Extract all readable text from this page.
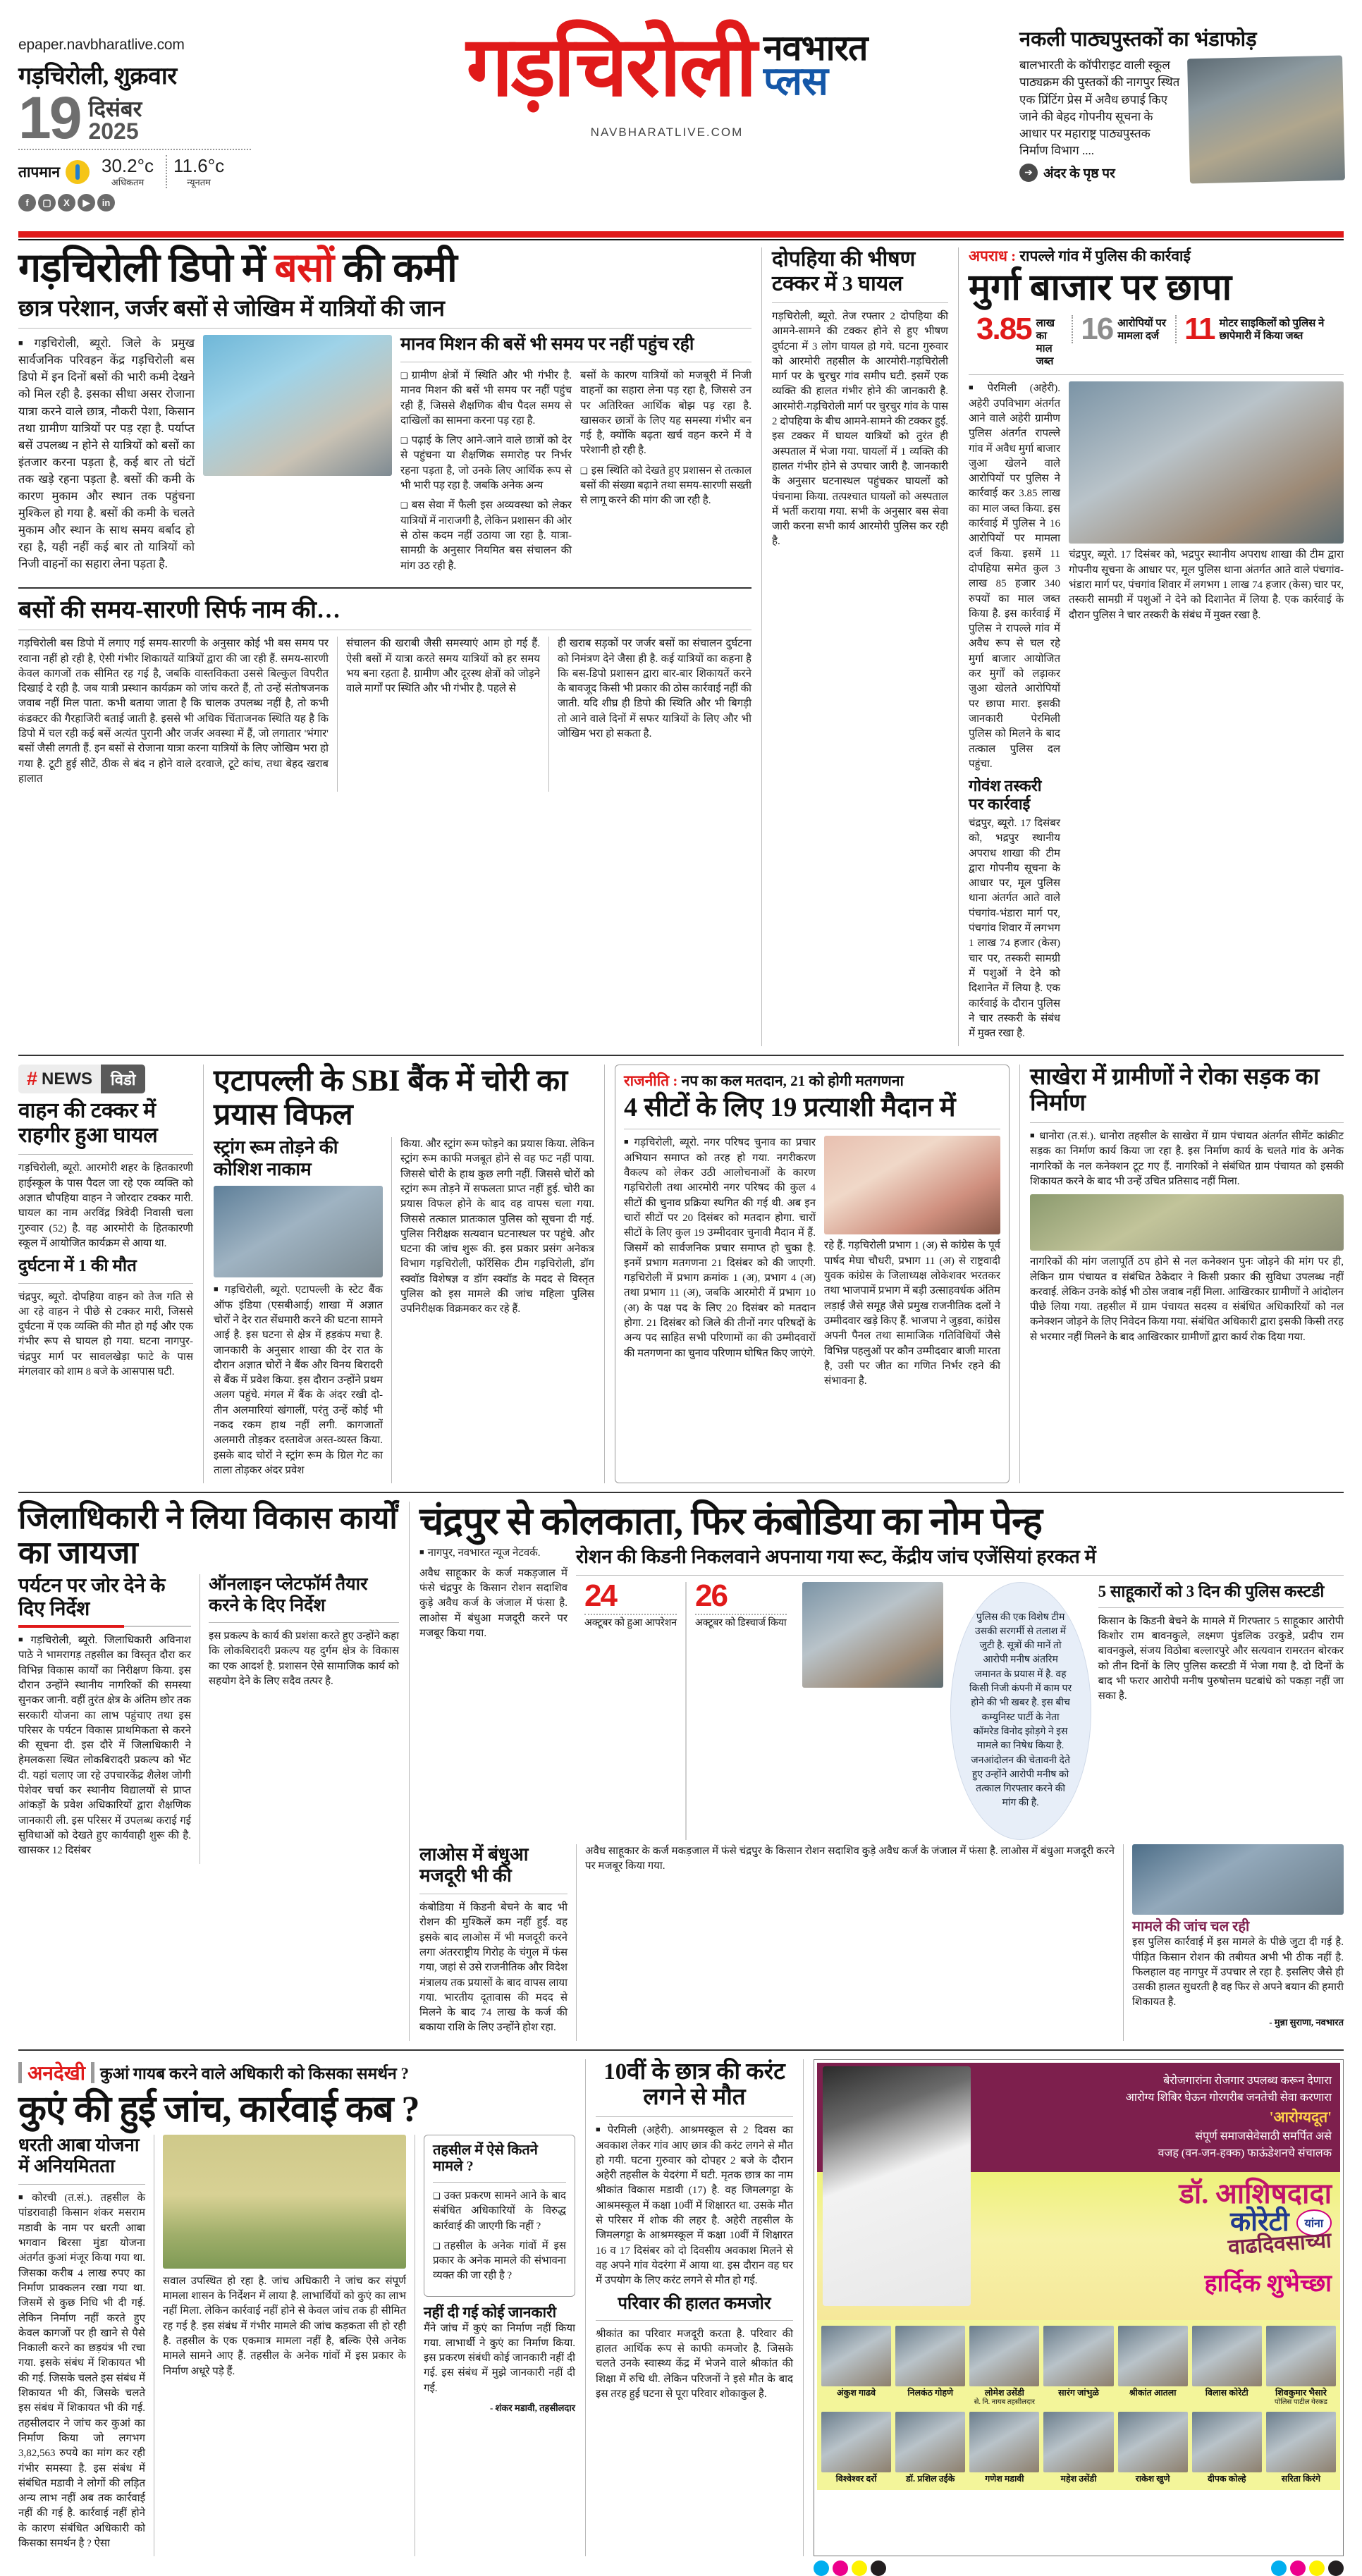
epaper.navbharatlive.com
गड़चिरोली, शुक्रवार
19 दिसंबर
2025
तापमान 30.2°c
अधिकतम
11.6°c
न्यूनतम
f	▢	X	▶	in
गड़चिरोली नवभारत
प्लस
NAVBHARATLIVE.COM
नकली पाठ्यपुस्तकों का भंडाफोड़
बालभारती के कॉपीराइट वाली स्कूल पाठ्यक्रम की पुस्तकों की नागपुर स्थित एक प्रिंटिंग प्रेस में अवैध छपाई किए जाने की बेहद गोपनीय सूचना के आधार पर महाराष्ट्र पाठ्यपुस्तक निर्माण विभाग ....
➔ अंदर के पृष्ठ पर
गड़चिरोली डिपो में बसों की कमी
छात्र परेशान, जर्जर बसों से जोखिम में यात्रियों की जान

■ गड़चिरोली, ब्यूरो. जिले के प्रमुख सार्वजनिक परिवहन केंद्र गड़चिरोली बस डिपो में इन दिनों बसों की भारी कमी देखने को मिल रही है. इसका सीधा असर रोजाना यात्रा करने वाले छात्र, नौकरी पेशा, किसान तथा ग्रामीण यात्रियों पर पड़ रहा है. पर्याप्त बसें उपलब्ध न होने से यात्रियों को बसों का इंतजार करना पड़ता है, कई बार तो घंटों तक खड़े रहना पड़ता है. बसों की कमी के कारण मुकाम और स्थान तक पहुंचना मुश्किल हो गया है. बसों की कमी के चलते मुकाम और स्थान के साथ समय बर्बाद हो रहा है, यही नहीं कई बार तो यात्रियों को निजी वाहनों का सहारा लेना पड़ता है.

मानव मिशन की बसें भी समय पर नहीं पहुंच रही

❑ ग्रामीण क्षेत्रों में स्थिति और भी गंभीर है. मानव मिशन की बसें भी समय पर नहीं पहुंच रही हैं, जिससे शैक्षणिक बीच पैदल समय से दाखिलों का सामना करना पड़ रहा है.

❑ पढ़ाई के लिए आने-जाने वाले छात्रों को देर से पहुंचना या शैक्षणिक समारोह पर निर्भर रहना पड़ता है, जो उनके लिए आर्थिक रूप से भी भारी पड़ रहा है. जबकि अनेक अन्य

❑ बस सेवा में फैली इस अव्यवस्था को लेकर यात्रियों में नाराजगी है, लेकिन प्रशासन की ओर से ठोस कदम नहीं उठाया जा रहा है. यात्रा-सामग्री के अनुसार नियमित बस संचालन की मांग उठ रही है.

बसों के कारण यात्रियों को मजबूरी में निजी वाहनों का सहारा लेना पड़ रहा है, जिससे उन पर अतिरिक्त आर्थिक बोझ पड़ रहा है. खासकर छात्रों के लिए यह समस्या गंभीर बन गई है, क्योंकि बढ़ता खर्च वहन करने में वे परेशानी हो रही है.

❑ इस स्थिति को देखते हुए प्रशासन से तत्काल बसों की संख्या बढ़ाने तथा समय-सारणी सख्ती से लागू करने की मांग की जा रही है.

बसों की समय-सारणी सिर्फ नाम की…

गड़चिरोली बस डिपो में लगाए गई समय-सारणी के अनुसार कोई भी बस समय पर रवाना नहीं हो रही है, ऐसी गंभीर शिकायतें यात्रियों द्वारा की जा रही हैं. समय-सारणी केवल कागजों तक सीमित रह गई है, जबकि वास्तविकता उससे बिल्कुल विपरीत दिखाई दे रही है. जब यात्री प्रस्थान कार्यक्रम को जांच करते हैं, तो उन्हें संतोषजनक जवाब नहीं मिल पाता. कभी बताया जाता है कि चालक उपलब्ध नहीं है, तो कभी कंडक्टर की गैरहाजिरी बताई जाती है. इससे भी अधिक चिंताजनक स्थिति यह है कि डिपो में चल रही कई बसें अत्यंत पुरानी और जर्जर अवस्था में हैं, जो लगातार 'भंगार' बसों जैसी लगती हैं. इन बसों से रोजाना यात्रा करना यात्रियों के लिए जोखिम भरा हो गया है. टूटी हुई सीटें, ठीक से बंद न होने वाले दरवाजे, टूटे कांच, तथा बेहद खराब हालात

संचालन की खराबी जैसी समस्याएं आम हो गई हैं. ऐसी बसों में यात्रा करते समय यात्रियों को हर समय भय बना रहता है. ग्रामीण और दूरस्थ क्षेत्रों को जोड़ने वाले मार्गों पर स्थिति और भी गंभीर है. पहले से

ही खराब सड़कों पर जर्जर बसों का संचालन दुर्घटना को निमंत्रण देने जैसा ही है. कई यात्रियों का कहना है कि बस-डिपो प्रशासन द्वारा बार-बार शिकायतें करने के बावजूद किसी भी प्रकार की ठोस कार्रवाई नहीं की जाती. यदि शीघ्र ही डिपो की स्थिति और भी बिगड़ी तो आने वाले दिनों में सफर यात्रियों के लिए और भी जोखिम भरा हो सकता है.

दोपहिया की भीषण टक्कर में 3 घायल

गड़चिरोली, ब्यूरो. तेज रफ्तार 2 दोपहिया की आमने-सामने की टक्कर होने से हुए भीषण दुर्घटना में 3 लोग घायल हो गये. घटना गुरुवार को आरमोरी तहसील के आरमोरी-गड़चिरोली मार्ग पर के चुरचुर गांव समीप घटी. इसमें एक व्यक्ति की हालत गंभीर होने की जानकारी है. आरमोरी-गड़चिरोली मार्ग पर चुरचुर गांव के पास 2 दोपहिया के बीच आमने-सामने की टक्कर हुई. इस टक्कर में घायल यात्रियों को तुरंत ही अस्पताल में भेजा गया. घायलों में 1 व्यक्ति की हालत गंभीर होने से उपचार जारी है. जानकारी के अनुसार घटनास्थल पहुंचकर घायलों को पंचनामा किया. तत्पश्चात घायलों को अस्पताल में भर्ती कराया गया. सभी के अनुसार बस सेवा जारी करना सभी कार्य आरमोरी पुलिस कर रही है.

अपराध : रापल्ले गांव में पुलिस की कार्रवाई
मुर्गा बाजार पर छापा
3.85 लाख का माल जब्त
16 आरोपियों पर मामला दर्ज 11 मोटर साइकिलों को पुलिस ने छापेमारी में किया जब्त

■ पेरमिली (अहेरी). अहेरी उपविभाग अंतर्गत आने वाले अहेरी ग्रामीण पुलिस अंतर्गत रापल्ले गांव में अवैध मुर्गा बाजार जुआ खेलने वाले आरोपियों पर पुलिस ने कार्रवाई कर 3.85 लाख का माल जब्त किया. इस कार्रवाई में पुलिस ने 16 आरोपियों पर मामला दर्ज किया. इसमें 11 दोपहिया समेत कुल 3 लाख 85 हजार 340 रुपयों का माल जब्त किया है. इस कार्रवाई में पुलिस ने रापल्ले गांव में अवैध रूप से चल रहे मुर्गा बाजार आयोजित कर मुर्गों को लड़ाकर जुआ खेलते आरोपियों पर छापा मारा. इसकी जानकारी पेरमिली पुलिस को मिलने के बाद तत्काल पुलिस दल पहुंचा.

गोवंश तस्करी पर कार्रवाई

चंद्रपुर, ब्यूरो. 17 दिसंबर को, भद्रपुर स्थानीय अपराध शाखा की टीम द्वारा गोपनीय सूचना के आधार पर, मूल पुलिस थाना अंतर्गत आते वाले पंचगांव-भंडारा मार्ग पर, पंचगांव शिवार में लगभग 1 लाख 74 हजार (केस) चार पर, तस्करी सामग्री में पशुओं ने देने को दिशानेत में लिया है. एक कार्रवाई के दौरान पुलिस ने चार तस्करी के संबंध में मुक्त रखा है.

चंद्रपुर, ब्यूरो. 17 दिसंबर को, भद्रपुर स्थानीय अपराध शाखा की टीम द्वारा गोपनीय सूचना के आधार पर, मूल पुलिस थाना अंतर्गत आते वाले पंचगांव-भंडारा मार्ग पर, पंचगांव शिवार में लगभग 1 लाख 74 हजार (केस) चार पर, तस्करी सामग्री में पशुओं ने देने को दिशानेत में लिया है. एक कार्रवाई के दौरान पुलिस ने चार तस्करी के संबंध में मुक्त रखा है.

# NEWS	विडो
वाहन की टक्कर में राहगीर हुआ घायल

गड़चिरोली, ब्यूरो. आरमोरी शहर के हितकारणी हाईस्कूल के पास पैदल जा रहे एक व्यक्ति को अज्ञात चौपहिया वाहन ने जोरदार टक्कर मारी. घायल का नाम अरविंद्र त्रिवेदी निवासी चला गुरुवार (52) है. वह आरमोरी के हितकारणी स्कूल में आयोजित कार्यक्रम से आया था.

दुर्घटना में 1 की मौत

चंद्रपुर, ब्यूरो. दोपहिया वाहन को तेज गति से आ रहे वाहन ने पीछे से टक्कर मारी, जिससे दुर्घटना में एक व्यक्ति की मौत हो गई और एक गंभीर रूप से घायल हो गया. घटना नागपुर-चंद्रपुर मार्ग पर सावलखेड़ा फाटे के पास मंगलवार को शाम 8 बजे के आसपास घटी.

एटापल्ली के SBI बैंक में चोरी का प्रयास विफल
स्ट्रांग रूम तोड़ने की कोशिश नाकाम

■ गड़चिरोली, ब्यूरो. एटापल्ली के स्टेट बैंक ऑफ इंडिया (एसबीआई) शाखा में अज्ञात चोरों ने देर रात सेंधमारी करने की घटना सामने आई है. इस घटना से क्षेत्र में हड़कंप मचा है. जानकारी के अनुसार शाखा की देर रात के दौरान अज्ञात चोरों ने बैंक और विनय बिरादरी से बैंक में प्रवेश किया. इस दौरान उन्होंने प्रथम अलग पहुंचे. मंगल में बैंक के अंदर रखी दो-तीन अलमारियां खंगालीं, परंतु उन्हें कोई भी नकद रकम हाथ नहीं लगी. कागजातों अलमारी तोड़कर दस्तावेज अस्त-व्यस्त किया. इसके बाद चोरों ने स्ट्रांग रूम के ग्रिल गेट का ताला तोड़कर अंदर प्रवेश

किया. और स्ट्रांग रूम फोड़ने का प्रयास किया. लेकिन स्ट्रांग रूम काफी मजबूत होने से वह फट नहीं पाया. जिससे चोरी के हाथ कुछ लगी नहीं. जिससे चोरों को स्ट्रांग रूम तोड़ने में सफलता प्राप्त नहीं हुई. चोरी का प्रयास विफल होने के बाद वह वापस चला गया. जिससे तत्काल प्रातःकाल पुलिस को सूचना दी गई. पुलिस निरीक्षक सत्यवान घटनास्थल पर पहुंचे. और घटना की जांच शुरू की. इस प्रकार प्रसंग अनेकत्र विभाग गड़चिरोली, फॉरेंसिक टीम गड़चिरोली, डॉग स्क्वॉड विशेषज्ञ व डॉग स्क्वॉड के मदद से विस्तृत पुलिस को इस मामले की जांच महिला पुलिस उपनिरीक्षक विक्रमकर कर रहे हैं.

राजनीति : नप का कल मतदान, 21 को होगी मतगणना
4 सीटों के लिए 19 प्रत्याशी मैदान में

■ गड़चिरोली, ब्यूरो. नगर परिषद चुनाव का प्रचार अभियान समाप्त को तरह हो गया. नगरीकरण वैकल्प को लेकर उठी आलोचनाओं के कारण गड़चिरोली तथा आरमोरी नगर परिषद की कुल 4 सीटों की चुनाव प्रक्रिया स्थगित की गई थी. अब इन चारों सीटों पर 20 दिसंबर को मतदान होगा. चारों सीटों के लिए कुल 19 उम्मीदवार चुनावी मैदान में हैं. जिसमें को सार्वजनिक प्रचार समाप्त हो चुका है. इनमें प्रभाग मतगणना 21 दिसंबर को की जाएगी. गड़चिरोली में प्रभाग क्रमांक 1 (अ), प्रभाग 4 (अ) तथा प्रभाग 11 (अ), जबकि आरमोरी में प्रभाग 10 (अ) के पक्ष पद के लिए 20 दिसंबर को मतदान होगा. 21 दिसंबर को जिले की तीनों नगर परिषदों के अन्य पद साहित सभी परिणामों का की उम्मीदवारों की मतगणना का चुनाव परिणाम घोषित किए जाएंगे.

रहे हैं. गड़चिरोली प्रभाग 1 (अ) से कांग्रेस के पूर्व पार्षद मेघा चौधरी, प्रभाग 11 (अ) से राष्ट्रवादी युवक कांग्रेस के जिलाध्यक्ष लोकेशवर भरतकर तथा भाजपामें प्रभाग में बड़ी उत्साहवर्धक अंतिम लड़ाई जैसे समूह जैसे प्रमुख राजनीतिक दलों ने उम्मीदवार खड़े किए हैं. भाजपा ने जुड़वा, कांग्रेस अपनी पैनल तथा सामाजिक गतिविधियों जैसे विभिन्न पहलुओं पर कौन उम्मीदवार बाजी मारता है, उसी पर जीत का गणित निर्भर रहने की संभावना है.

साखेरा में ग्रामीणों ने रोका सड़क का निर्माण

■ धानोरा (त.सं.). धानोरा तहसील के साखेरा में ग्राम पंचायत अंतर्गत सीमेंट कांक्रीट सड़क का निर्माण कार्य किया जा रहा है. इस निर्माण कार्य के चलते गांव के अनेक नागरिकों के नल कनेक्शन टूट गए हैं. नागरिकों ने संबंधित ग्राम पंचायत को इसकी शिकायत करने के बाद भी उन्हें उचित प्रतिसाद नहीं मिला.

नागरिकों की मांग जलापूर्ति ठप होने से नल कनेक्शन पुनः जोड़ने की मांग पर ही, लेकिन ग्राम पंचायत व संबंधित ठेकेदार ने किसी प्रकार की सुविधा उपलब्ध नहीं करवाई. लेकिन उनके कोई भी ठोस जवाब नहीं मिला. आखिरकार ग्रामीणों ने आंदोलन पीछे लिया गया. तहसील में ग्राम पंचायत सदस्य व संबंधित अधिकारियों को नल कनेक्शन जोड़ने के लिए निवेदन किया गया. संबंधित अधिकारी द्वारा इसकी किसी तरह से भरमार नहीं मिलने के बाद आखिरकार ग्रामीणों द्वारा कार्य रोक दिया गया.

जिलाधिकारी ने लिया विकास कार्यों का जायजा
पर्यटन पर जोर देने के दिए निर्देश

■ गड़चिरोली, ब्यूरो. जिलाधिकारी अविनाश पाठे ने भामरागड़ तहसील का विस्तृत दौरा कर विभिन्न विकास कार्यों का निरीक्षण किया. इस दौरान उन्होंने स्थानीय नागरिकों की समस्या सुनकर जानी. वहीं तुरंत क्षेत्र के अंतिम छोर तक सरकारी योजना का लाभ पहुंचाए तथा इस परिसर के पर्यटन विकास प्राथमिकता से करने की सूचना दी. इस दौरे में जिलाधिकारी ने हेमलकसा स्थित लोकबिरादरी प्रकल्प को भेंट दी. यहां चलाए जा रहे उपचारकेंद्र शैलेश जोगी पेशेवर चर्चा कर स्थानीय विद्यालयों से प्राप्त आंकड़ों के प्रवेश अधिकारियों द्वारा शैक्षणिक जानकारी ली. इस परिसर में उपलब्ध कराई गई सुविधाओं को देखते हुए कार्यवाही शुरू की है. खासकर 12 दिसंबर

ऑनलाइन प्लेटफॉर्म तैयार करने के दिए निर्देश

इस प्रकल्प के कार्य की प्रशंसा करते हुए उन्होंने कहा कि लोकबिरादरी प्रकल्प यह दुर्गम क्षेत्र के विकास का एक आदर्श है. प्रशासन ऐसे सामाजिक कार्य को सहयोग देने के लिए सदैव तत्पर है.

चंद्रपुर से कोलकाता, फिर कंबोडिया का नोम पेन्ह

■ नागपुर, नवभारत न्यूज नेटवर्क.

अवैध साहूकार के कर्ज मकड़जाल में फंसे चंद्रपुर के किसान रोशन सदाशिव कुड़े अवैध कर्ज के जंजाल में फंसा है. लाओस में बंधुआ मजदूरी करने पर मजबूर किया गया.

रोशन की किडनी निकलवाने अपनाया गया रूट, केंद्रीय जांच एजेंसियां हरकत में
24
अक्टूबर को हुआ आपरेशन
26
अक्टूबर को डिस्चार्ज किया
पुलिस की एक विशेष टीम उसकी सरगर्मी से तलाश में जुटी है. सूत्रों की मानें तो आरोपी मनीष अंतरिम जमानत के प्रयास में है. वह किसी निजी कंपनी में काम पर होने की भी खबर है. इस बीच कम्युनिस्ट पार्टी के नेता कॉमरेड विनोद झोड़गे ने इस मामले का निषेध किया है. जनआंदोलन की चेतावनी देते हुए उन्होंने आरोपी मनीष को तत्काल गिरफ्तार करने की मांग की है.
5 साहूकारों को 3 दिन की पुलिस कस्टडी

किसान के किडनी बेचने के मामले में गिरफ्तार 5 साहूकार आरोपी किशोर राम बावनकुले, लक्ष्मण पुंडलिक उरकुडे, प्रदीप राम बावनकुले, संजय विठोबा बल्लारपुरे और सत्यवान रामरतन बोरकर को तीन दिनों के लिए पुलिस कस्टडी में भेजा गया है. दो दिनों के बाद भी फरार आरोपी मनीष पुरुषोत्तम घटबांधे को पकड़ा नहीं जा सका है.

लाओस में बंधुआ मजदूरी भी की

कंबोडिया में किडनी बेचने के बाद भी रोशन की मुश्किलें कम नहीं हुईं. वह इसके बाद लाओस में भी मजदूरी करने लगा अंतरराष्ट्रीय गिरोह के चंगुल में फंस गया, जहां से उसे राजनीतिक और विदेश मंत्रालय तक प्रयासों के बाद वापस लाया गया. भारतीय दूतावास की मदद से मिलने के बाद 74 लाख के कर्ज की बकाया राशि के लिए उन्होंने होश रहा.

अवैध साहूकार के कर्ज मकड़जाल में फंसे चंद्रपुर के किसान रोशन सदाशिव कुड़े अवैध कर्ज के जंजाल में फंसा है. लाओस में बंधुआ मजदूरी करने पर मजबूर किया गया.

मामले की जांच चल रही

इस पुलिस कार्रवाई में इस मामले के पीछे जुटा दी गई है. पीड़ित किसान रोशन की तबीयत अभी भी ठीक नहीं है. फिलहाल वह नागपुर में उपचार ले रहा है. इसलिए जैसे ही उसकी हालत सुधरती है वह फिर से अपने बयान की हमारी शिकायत है.

- मुन्ना सुराणा, नवभारत
अनदेखी कुआं गायब करने वाले अधिकारी को किसका समर्थन ?
कुएं की हुई जांच, कार्रवाई कब ?
धरती आबा योजना में अनियमितता

■ कोरची (त.सं.). तहसील के पांडरावाही किसान शंकर मसराम मडावी के नाम पर धरती आबा भगवान बिरसा मुंडा योजना अंतर्गत कुआं मंजूर किया गया था. जिसका करीब 4 लाख रुपए का निर्माण प्राक्कलन रखा गया था. जिसमें से कुछ निधि भी दी गई. लेकिन निर्माण नहीं करते हुए केवल कागजों पर ही खाने से पैसे निकाली करने का छड़यंत्र भी रचा गया. इसके संबंध में शिकायत भी की गई. जिसके चलते इस संबंध में शिकायत भी की, जिसके चलते इस संबंध में शिकायत भी की गई. तहसीलदार ने जांच कर कुआं का निर्माण किया जो लगभग 3,82,563 रुपये का मांग कर रही गंभीर समस्या है. इस संबंध में संबंधित मडावी ने लोगों की लड़ित अन्य लाभ नहीं अब तक कार्रवाई नहीं की गई है. कार्रवाई नहीं होने के कारण संबंधित अधिकारी को किसका समर्थन है ? ऐसा

सवाल उपस्थित हो रहा है. जांच अधिकारी ने जांच कर संपूर्ण मामला शासन के निर्देशन में लाया है. लाभार्थियों को कुएं का लाभ नहीं मिला. लेकिन कार्रवाई नहीं होने से केवल जांच तक ही सीमित रह गई है. इस संबंध में गंभीर मामले की जांच कड़कता सी हो रही है. तहसील के एक एकमात्र मामला नहीं है, बल्कि ऐसे अनेक मामले सामने आए हैं. तहसील के अनेक गांवों में इस प्रकार के निर्माण अधूरे पड़े हैं.

तहसील में ऐसे कितने मामले ?

❑ उक्त प्रकरण सामने आने के बाद संबंधित अधिकारियों के विरुद्ध कार्रवाई की जाएगी कि नहीं ?

❑ तहसील के अनेक गांवों में इस प्रकार के अनेक मामले की संभावना व्यक्त की जा रही है ?

नहीं दी गई कोई जानकारी

मैंने जांच में कुएं का निर्माण नहीं किया गया. लाभार्थी ने कुएं का निर्माण किया. इस प्रकरण संबंधी कोई जानकारी नहीं दी गई. इस संबंध में मुझे जानकारी नहीं दी गई.

- शंकर मडावी, तहसीलदार
10वीं के छात्र की करंट लगने से मौत

■ पेरमिली (अहेरी). आश्रमस्कूल से 2 दिवस का अवकाश लेकर गांव आए छात्र की करंट लगने से मौत हो गयी. घटना गुरुवार को दोपहर 2 बजे के दौरान अहेरी तहसील के येदरंगा में घटी. मृतक छात्र का नाम श्रीकांत विकास मडावी (17) है. वह जिमलगट्टा के आश्रमस्कूल में कक्षा 10वीं में शिक्षारत था. उसके मौत से परिसर में शोक की लहर है. अहेरी तहसील के जिमलगट्टा के आश्रमस्कूल में कक्षा 10वीं में शिक्षारत 16 व 17 दिसंबर को दो दिवसीय अवकाश मिलने से वह अपने गांव येदरंगा में आया था. इस दौरान वह घर में उपयोग के लिए करंट लगने से मौत हो गई.

परिवार की हालत कमजोर

श्रीकांत का परिवार मजदूरी करता है. परिवार की हालत आर्थिक रूप से काफी कमजोर है. जिसके चलते उनके स्वास्थ्य केंद्र में भेजने वाले श्रीकांत की शिक्षा में रुचि थी. लेकिन परिजनों ने इसे मौत के बाद इस तरह हुई घटना से पूरा परिवार शोकाकुल है.

बेरोजगारांना रोजगार उपलब्ध करून देणारा

आरोग्य शिबिर घेऊन गोरगरीब जनतेची सेवा करणारा

'आरोग्यदूत'

संपूर्ण समाजसेवेसाठी समर्पित असे

वजह (वन-जन-हक्क) फाऊंडेशनचे संचालक

डॉ. आशिषदादा
कोरेटी	यांना
वाढदिवसाच्या
हार्दिक शुभेच्छा
अंकुश गाढवे	निलकंठ गोहणे	लोमेश उसेंडी
से. नि. नायब तहसीलदार
सारंग जांभुळे	श्रीकांत आतला	विलास कोरेटी	शिवकुमार भैसारे
पोलिस पाटील येरकड
विश्वेश्वर दर्रो	डॉ. प्रशिल उईके	गणेश मडावी	महेश उसेंडी	राकेश खुणे	दीपक कोल्हे	सरिता किरंगे
